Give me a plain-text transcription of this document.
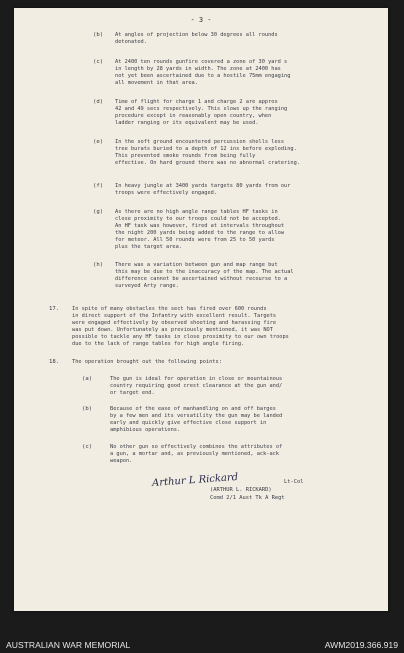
- 3 -
(b) At angles of projection below 30 degrees all rounds
detonated.
(c) At 2400 ten rounds gunfire covered a zone of 30 yard s
in length by 28 yards in width. The zone at 2400 has
not yet been ascertained due to a hostile 75mm engaging
all movement in that area.
(d) Time of flight for charge 1 and charge 2 are approx
42 and 49 secs respectively. This slows up the ranging
procedure except in reasonably open country, when
ladder ranging or its equivalent may be used.
(e) In the soft ground encountered percussion shells less
tree burats buried to a depth of 12 ins before exploding.
This prevented smoke rounds from being fully
effective. On hard ground there was no abnormal cratering.
(f) In heavy jungle at 3400 yards targets 80 yards from our
troops were effectively engaged.
(g) As there are no high angle range tables HF tasks in
close proximity to our troops could not be accepted.
An HF task was however, fired at intervals throughout
the night 200 yards being added to the range to allow
for meteor. All 50 rounds were from 25 to 50 yards
plus the target area.
(h) There was a variation between gun and map range but
this may be due to the inaccuracy of the map. The actual
difference cannot be ascertained without recourse to a
surveyed Arty range.
17. In spite of many obstacles the sect has fired over 600 rounds
in direct support of the Infantry with excellent result. Targets
were engaged effectively by observed shooting and harassing fire
was put down. Unfortunately as previously mentioned, it was NOT
possible to tackle any HF tasks in close proximity to our own troops
due to the lack of range tables for high angle firing.
18. The operation brought out the following points:
(a)	The gun is ideal for operation in close or mountainous
country requiring good crest clearance at the gun and/
or target end.
(b)	Because of the ease of manhandling on and off barges
by a few men and its versatility the gun may be landed
early and quickly give effective close support in
amphibious operations.
(c)	No other gun so effectively combines the attributes of
a gun, a mortar and, as previously mentioned, ack-ack
weapon.
Arthur L Rickard	Lt-Col
(ARTHUR L. RICKARD)
Comd 2/1 Aust Tk A Regt
AUSTRALIAN WAR MEMORIAL	AWM2019.366.919
